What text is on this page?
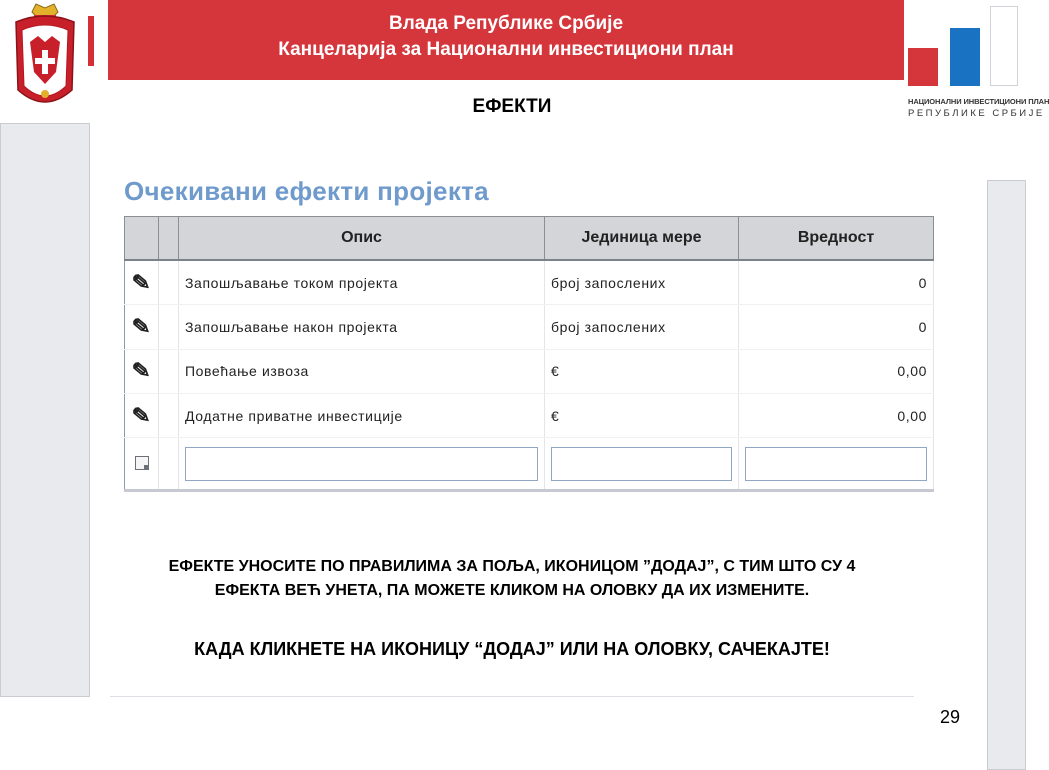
Влада Републике Србије
Канцеларија за Национални инвестициони план
НАЦИОНАЛНИ ИНВЕСТИЦИОНИ ПЛАН
РЕПУБЛИКЕ СРБИЈЕ
ЕФЕКТИ
Очекивани ефекти пројекта
		Опис	Јединица мере	Вредност
✎		Запошљавање током пројекта	број запослених	0
✎		Запошљавање након пројекта	број запослених	0
✎		Повећање извоза	€	0,00
✎		Додатне приватне инвестиције	€	0,00

ЕФЕКТЕ УНОСИТЕ ПО ПРАВИЛИМА ЗА ПОЉА, ИКОНИЦОМ ”ДОДАЈ”, С ТИМ ШТО СУ 4
ЕФЕКТА ВЕЋ УНЕТА, ПА МОЖЕТЕ КЛИКОМ НА ОЛОВКУ ДА ИХ ИЗМЕНИТЕ.
КАДА КЛИКНЕТЕ НА ИКОНИЦУ “ДОДАЈ” ИЛИ НА ОЛОВКУ, САЧЕКАЈТЕ!
29
